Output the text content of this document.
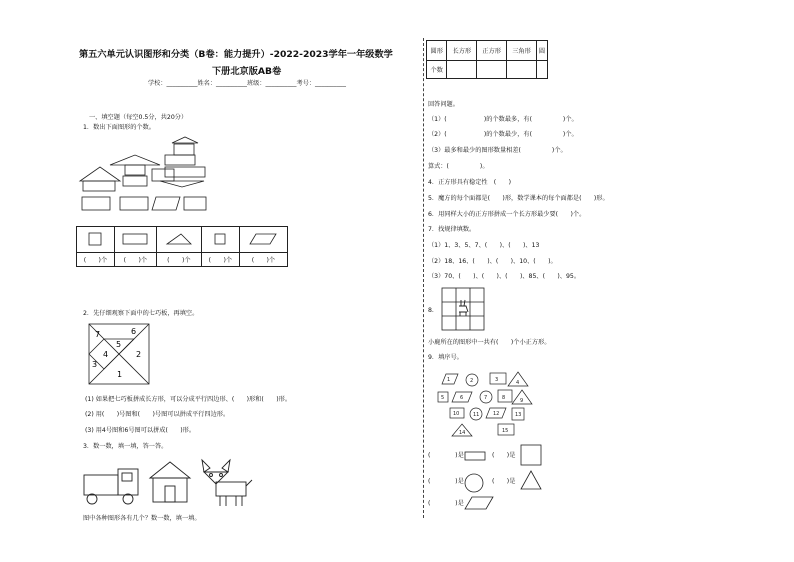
第五六单元认识图形和分类（B卷：能力提升）-2022-2023学年一年级数学
下册北京版AB卷
学校：__________姓名：__________班级：__________考号：__________
一、填空题（每空0.5分，共20分）
1．数出下面图形的个数。

(　　)个	(　　)个	(　　)个	(　　)个	(　　)个
2．先仔细观察下面中的七巧板，再填空。
7	6
5
4
3
2
1
(1) 如果把七巧板拼成长方形，可以分成平行四边形、(　　)形和(　　)形。
(2) 用(　　)号图和(　　)号图可以拼成平行四边形。
(3) 用4号图和6号图可以拼成(　　)形。
3．数一数，填一填，答一答。
图中各种图形各有几个？数一数，填一填。
圆形	长方形	正方形	三角形	圆
个数				
回答问题。
（1）(　　　　　　)的个数最多，有(　　　　　)个。
（2）(　　　　　　)的个数最少，有(　　　　　)个。
（3）最多和最少的图形数量相差(　　　　　)个。
算式：(　　　　　)。
4．正方形具有稳定性　(　　)
5．魔方的每个面都是(　　)形，数学课本的每个面都是(　　)形。
6．用同样大小的正方形拼成一个长方形最少要(　　)个。
7．找规律填数。
（1）1、3、5、7、(　　)、(　　)、13
（2）18、16、(　　)、(　　)、10、(　　)。
（3）70、(　　)、(　　)、(　　)、85、(　　)、95。
8.
小鹿所在的图形中一共有(　　)个小正方形。
9．填序号。
1	2	3	4
5	6	7	8	9
10	11	12	13
14	15
(　　　　)是	(　　)是
(　　　　)是	(　　)是
(　　　　)是
